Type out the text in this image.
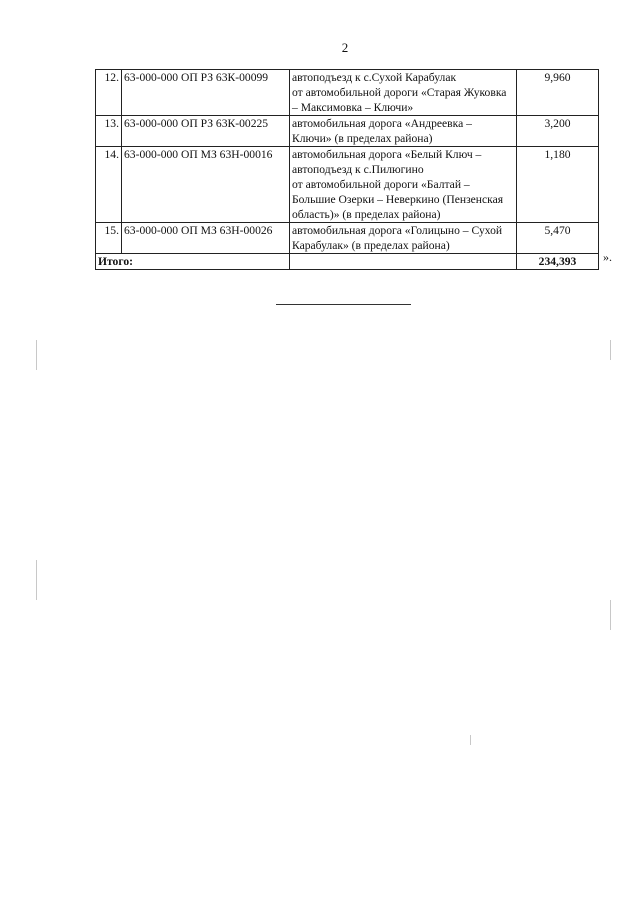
2
12.	63-000-000 ОП РЗ 63К-00099	автоподъезд к с.Сухой Карабулак
от автомобильной дороги «Старая Жуковка – Максимовка – Ключи»	9,960
13.	63-000-000 ОП РЗ 63К-00225	автомобильная дорога «Андреевка – Ключи» (в пределах района)	3,200
14.	63-000-000 ОП МЗ 63Н-00016	автомобильная дорога «Белый Ключ – автоподъезд к с.Пилюгино
от автомобильной дороги «Балтай – Большие Озерки – Неверкино (Пензенская область)» (в пределах района)	1,180
15.	63-000-000 ОП МЗ 63Н-00026	автомобильная дорога «Голицыно – Сухой Карабулак» (в пределах района)	5,470
Итого:			234,393 ».
